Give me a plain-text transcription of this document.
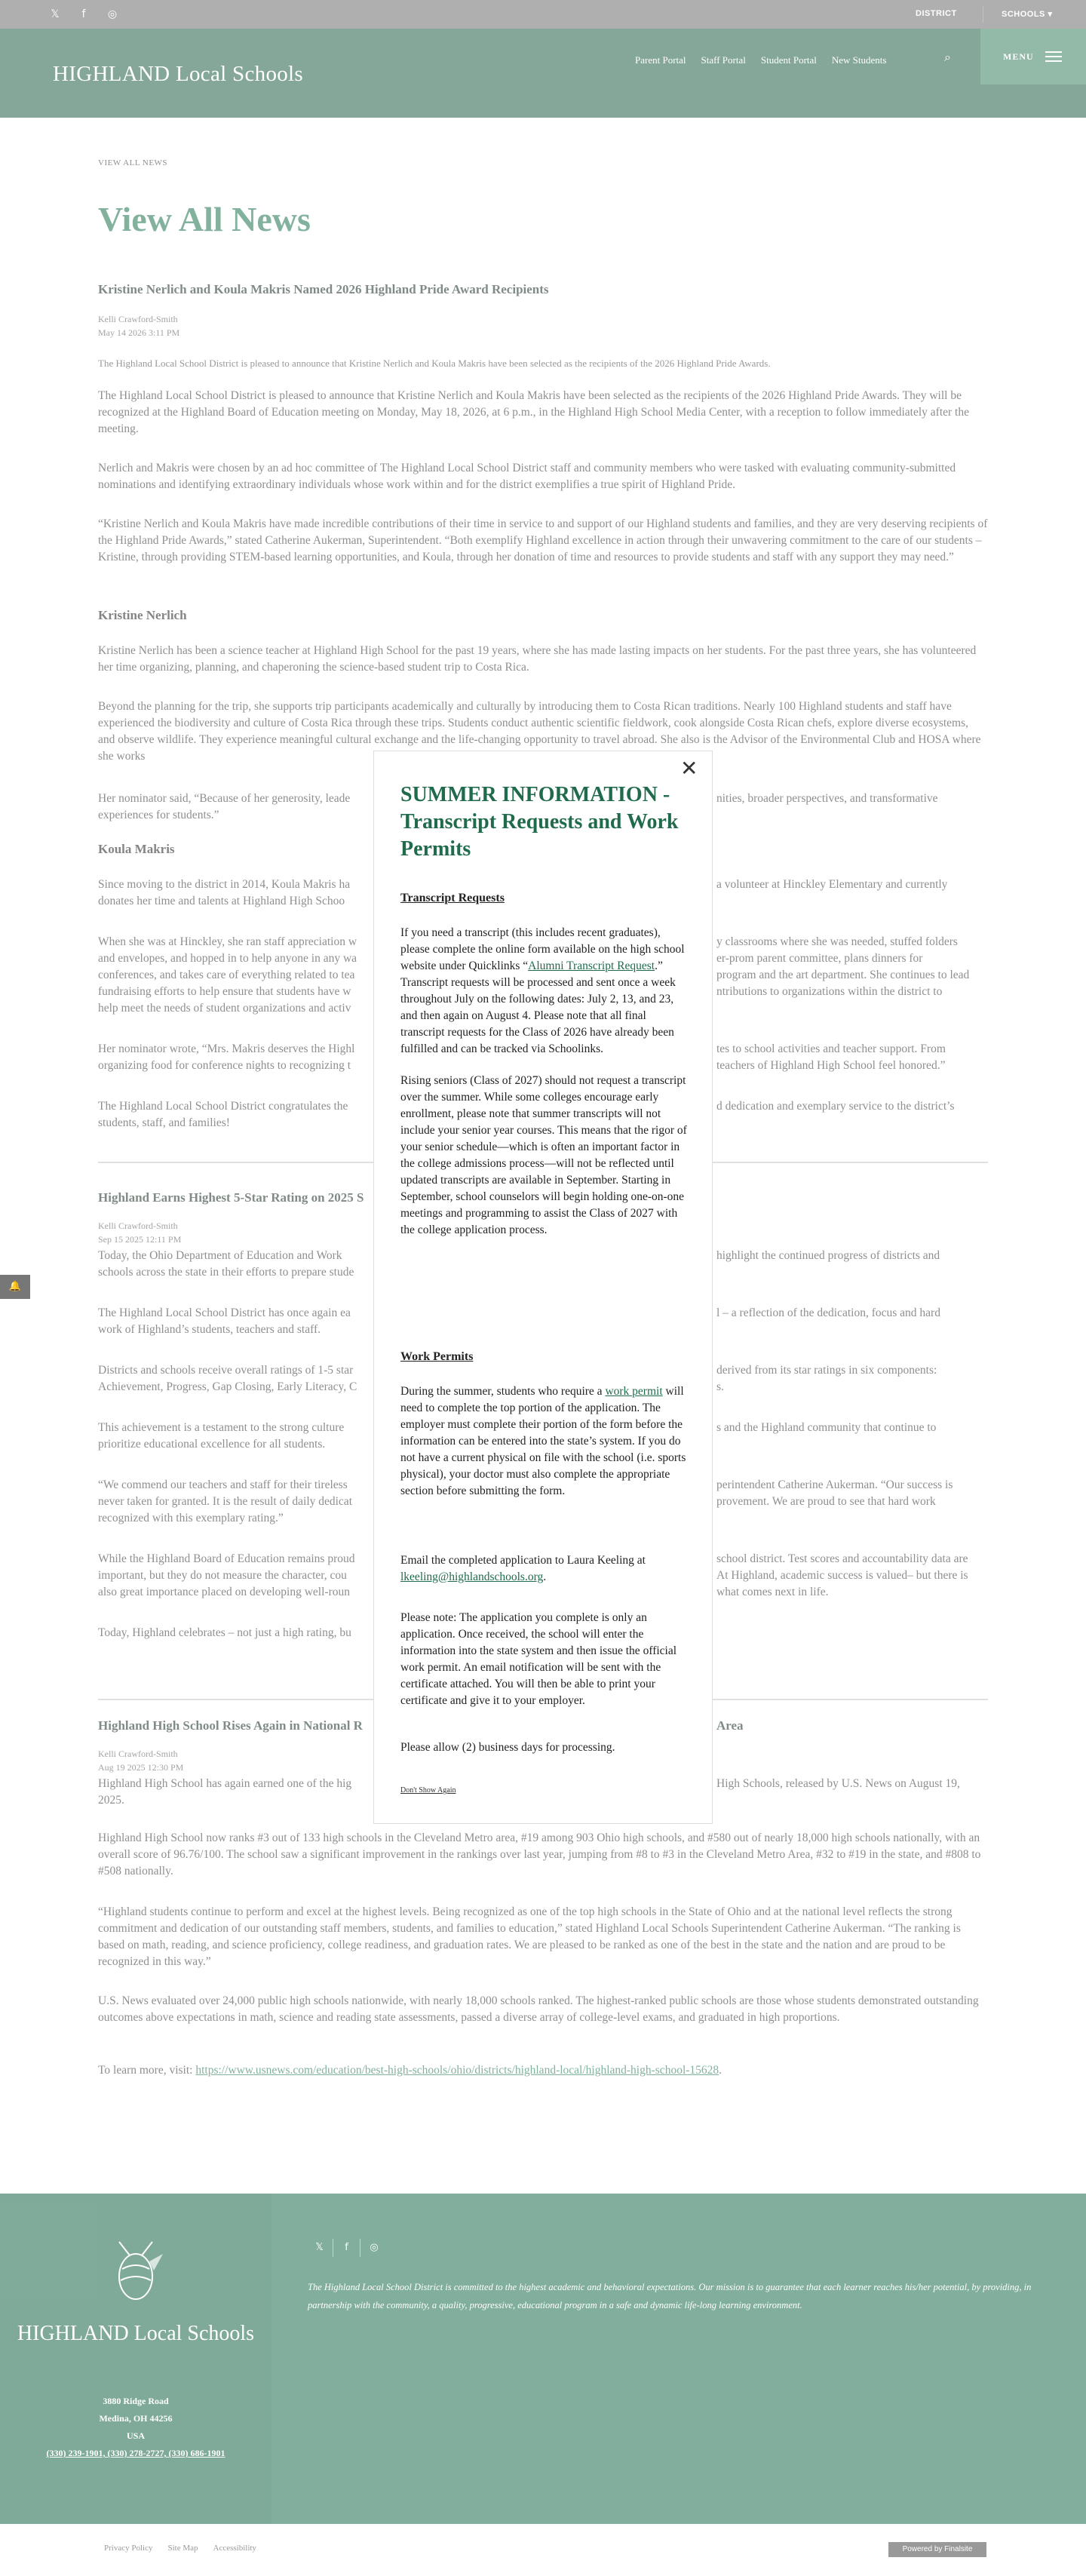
𝕏	f	◎	DISTRICT	SCHOOLS ▾
HIGHLAND Local Schools
Parent Portal Staff Portal Student Portal New Students	⌕	MENU
VIEW ALL NEWS
View All News
Kristine Nerlich and Koula Makris Named 2026 Highland Pride Award Recipients
Kelli Crawford-Smith
May 14 2026 3:11 PM
The Highland Local School District is pleased to announce that Kristine Nerlich and Koula Makris have been selected as the recipients of the 2026 Highland Pride Awards.
The Highland Local School District is pleased to announce that Kristine Nerlich and Koula Makris have been selected as the recipients of the 2026 Highland Pride Awards. They will be recognized at the Highland Board of Education meeting on Monday, May 18, 2026, at 6 p.m., in the Highland High School Media Center, with a reception to follow immediately after the meeting.
Nerlich and Makris were chosen by an ad hoc committee of The Highland Local School District staff and community members who were tasked with evaluating community-submitted nominations and identifying extraordinary individuals whose work within and for the district exemplifies a true spirit of Highland Pride.
“Kristine Nerlich and Koula Makris have made incredible contributions of their time in service to and support of our Highland students and families, and they are very deserving recipients of the Highland Pride Awards,” stated Catherine Aukerman, Superintendent. “Both exemplify Highland excellence in action through their unwavering commitment to the care of our students – Kristine, through providing STEM-based learning opportunities, and Koula, through her donation of time and resources to provide students and staff with any support they may need.”
Kristine Nerlich
Kristine Nerlich has been a science teacher at Highland High School for the past 19 years, where she has made lasting impacts on her students. For the past three years, she has volunteered her time organizing, planning, and chaperoning the science-based student trip to Costa Rica.
Beyond the planning for the trip, she supports trip participants academically and culturally by introducing them to Costa Rican traditions. Nearly 100 Highland students and staff have experienced the biodiversity and culture of Costa Rica through these trips. Students conduct authentic scientific fieldwork, cook alongside Costa Rican chefs, explore diverse ecosystems, and observe wildlife. They experience meaningful cultural exchange and the life-changing opportunity to travel abroad. She also is the Advisor of the Environmental Club and HOSA where she works
Her nominator said, “Because of her generosity, leade	nities, broader perspectives, and transformative
experiences for students.”
Koula Makris
Since moving to the district in 2014, Koula Makris ha	a volunteer at Hinckley Elementary and currently
donates her time and talents at Highland High Schoo
When she was at Hinckley, she ran staff appreciation w	y classrooms where she was needed, stuffed folders
and envelopes, and hopped in to help anyone in any wa	er-prom parent committee, plans dinners for
conferences, and takes care of everything related to tea	program and the art department. She continues to lead
fundraising efforts to help ensure that students have w	ntributions to organizations within the district to
help meet the needs of student organizations and activ
Her nominator wrote, “Mrs. Makris deserves the Highl	tes to school activities and teacher support. From
organizing food for conference nights to recognizing t	teachers of Highland High School feel honored.”
The Highland Local School District congratulates the	d dedication and exemplary service to the district’s
students, staff, and families!
Highland Earns Highest 5-Star Rating on 2025 S
Kelli Crawford-Smith
Sep 15 2025 12:11 PM
Today, the Ohio Department of Education and Work	highlight the continued progress of districts and
schools across the state in their efforts to prepare stude
The Highland Local School District has once again ea	l – a reflection of the dedication, focus and hard
work of Highland’s students, teachers and staff.
Districts and schools receive overall ratings of 1-5 star	derived from its star ratings in six components:
Achievement, Progress, Gap Closing, Early Literacy, C	s.
This achievement is a testament to the strong culture	s and the Highland community that continue to
prioritize educational excellence for all students.
“We commend our teachers and staff for their tireless	perintendent Catherine Aukerman. “Our success is
never taken for granted. It is the result of daily dedicat	provement. We are proud to see that hard work
recognized with this exemplary rating.”
While the Highland Board of Education remains proud	school district. Test scores and accountability data are
important, but they do not measure the character, cou	At Highland, academic success is valued– but there is
also great importance placed on developing well-roun	what comes next in life.
Today, Highland celebrates – not just a high rating, bu
Highland High School Rises Again in National R	Area
Kelli Crawford-Smith
Aug 19 2025 12:30 PM
Highland High School has again earned one of the hig	High Schools, released by U.S. News on August 19,
2025.
Highland High School now ranks #3 out of 133 high schools in the Cleveland Metro area, #19 among 903 Ohio high schools, and #580 out of nearly 18,000 high schools nationally, with an overall score of 96.76/100. The school saw a significant improvement in the rankings over last year, jumping from #8 to #3 in the Cleveland Metro Area, #32 to #19 in the state, and #808 to #508 nationally.
“Highland students continue to perform and excel at the highest levels. Being recognized as one of the top high schools in the State of Ohio and at the national level reflects the strong commitment and dedication of our outstanding staff members, students, and families to education,” stated Highland Local Schools Superintendent Catherine Aukerman. “The ranking is based on math, reading, and science proficiency, college readiness, and graduation rates. We are pleased to be ranked as one of the best in the state and the nation and are proud to be recognized in this way.”
U.S. News evaluated over 24,000 public high schools nationwide, with nearly 18,000 schools ranked. The highest-ranked public schools are those whose students demonstrated outstanding outcomes above expectations in math, science and reading state assessments, passed a diverse array of college-level exams, and graduated in high proportions.
To learn more, visit: https://www.usnews.com/education/best-high-schools/ohio/districts/highland-local/highland-high-school-15628.
HIGHLAND Local Schools
3880 Ridge Road
Medina, OH 44256
USA
(330) 239-1901, (330) 278-2727, (330) 686-1901
𝕏	f	◎
The Highland Local School District is committed to the highest academic and behavioral expectations. Our mission is to guarantee that each learner reaches his/her potential, by providing, in partnership with the community, a quality, progressive, educational program in a safe and dynamic life-long learning environment.
Privacy Policy Site Map Accessibility	Powered by Finalsite
🔔
✕
SUMMER INFORMATION - Transcript Requests and Work Permits
Transcript Requests
If you need a transcript (this includes recent graduates), please complete the online form available on the high school website under Quicklinks “Alumni Transcript Request.” Transcript requests will be processed and sent once a week throughout July on the following dates: July 2, 13, and 23, and then again on August 4. Please note that all final transcript requests for the Class of 2026 have already been fulfilled and can be tracked via Schoolinks.
Rising seniors (Class of 2027) should not request a transcript over the summer. While some colleges encourage early enrollment, please note that summer transcripts will not include your senior year courses. This means that the rigor of your senior schedule—which is often an important factor in the college admissions process—will not be reflected until updated transcripts are available in September. Starting in September, school counselors will begin holding one-on-one meetings and programming to assist the Class of 2027 with the college application process.
Work Permits
During the summer, students who require a work permit will need to complete the top portion of the application. The employer must complete their portion of the form before the information can be entered into the state’s system. If you do not have a current physical on file with the school (i.e. sports physical), your doctor must also complete the appropriate section before submitting the form.
Email the completed application to Laura Keeling at lkeeling@highlandschools.org.
Please note: The application you complete is only an application. Once received, the school will enter the information into the state system and then issue the official work permit. An email notification will be sent with the certificate attached. You will then be able to print your certificate and give it to your employer.
Please allow (2) business days for processing.
Don't Show Again
